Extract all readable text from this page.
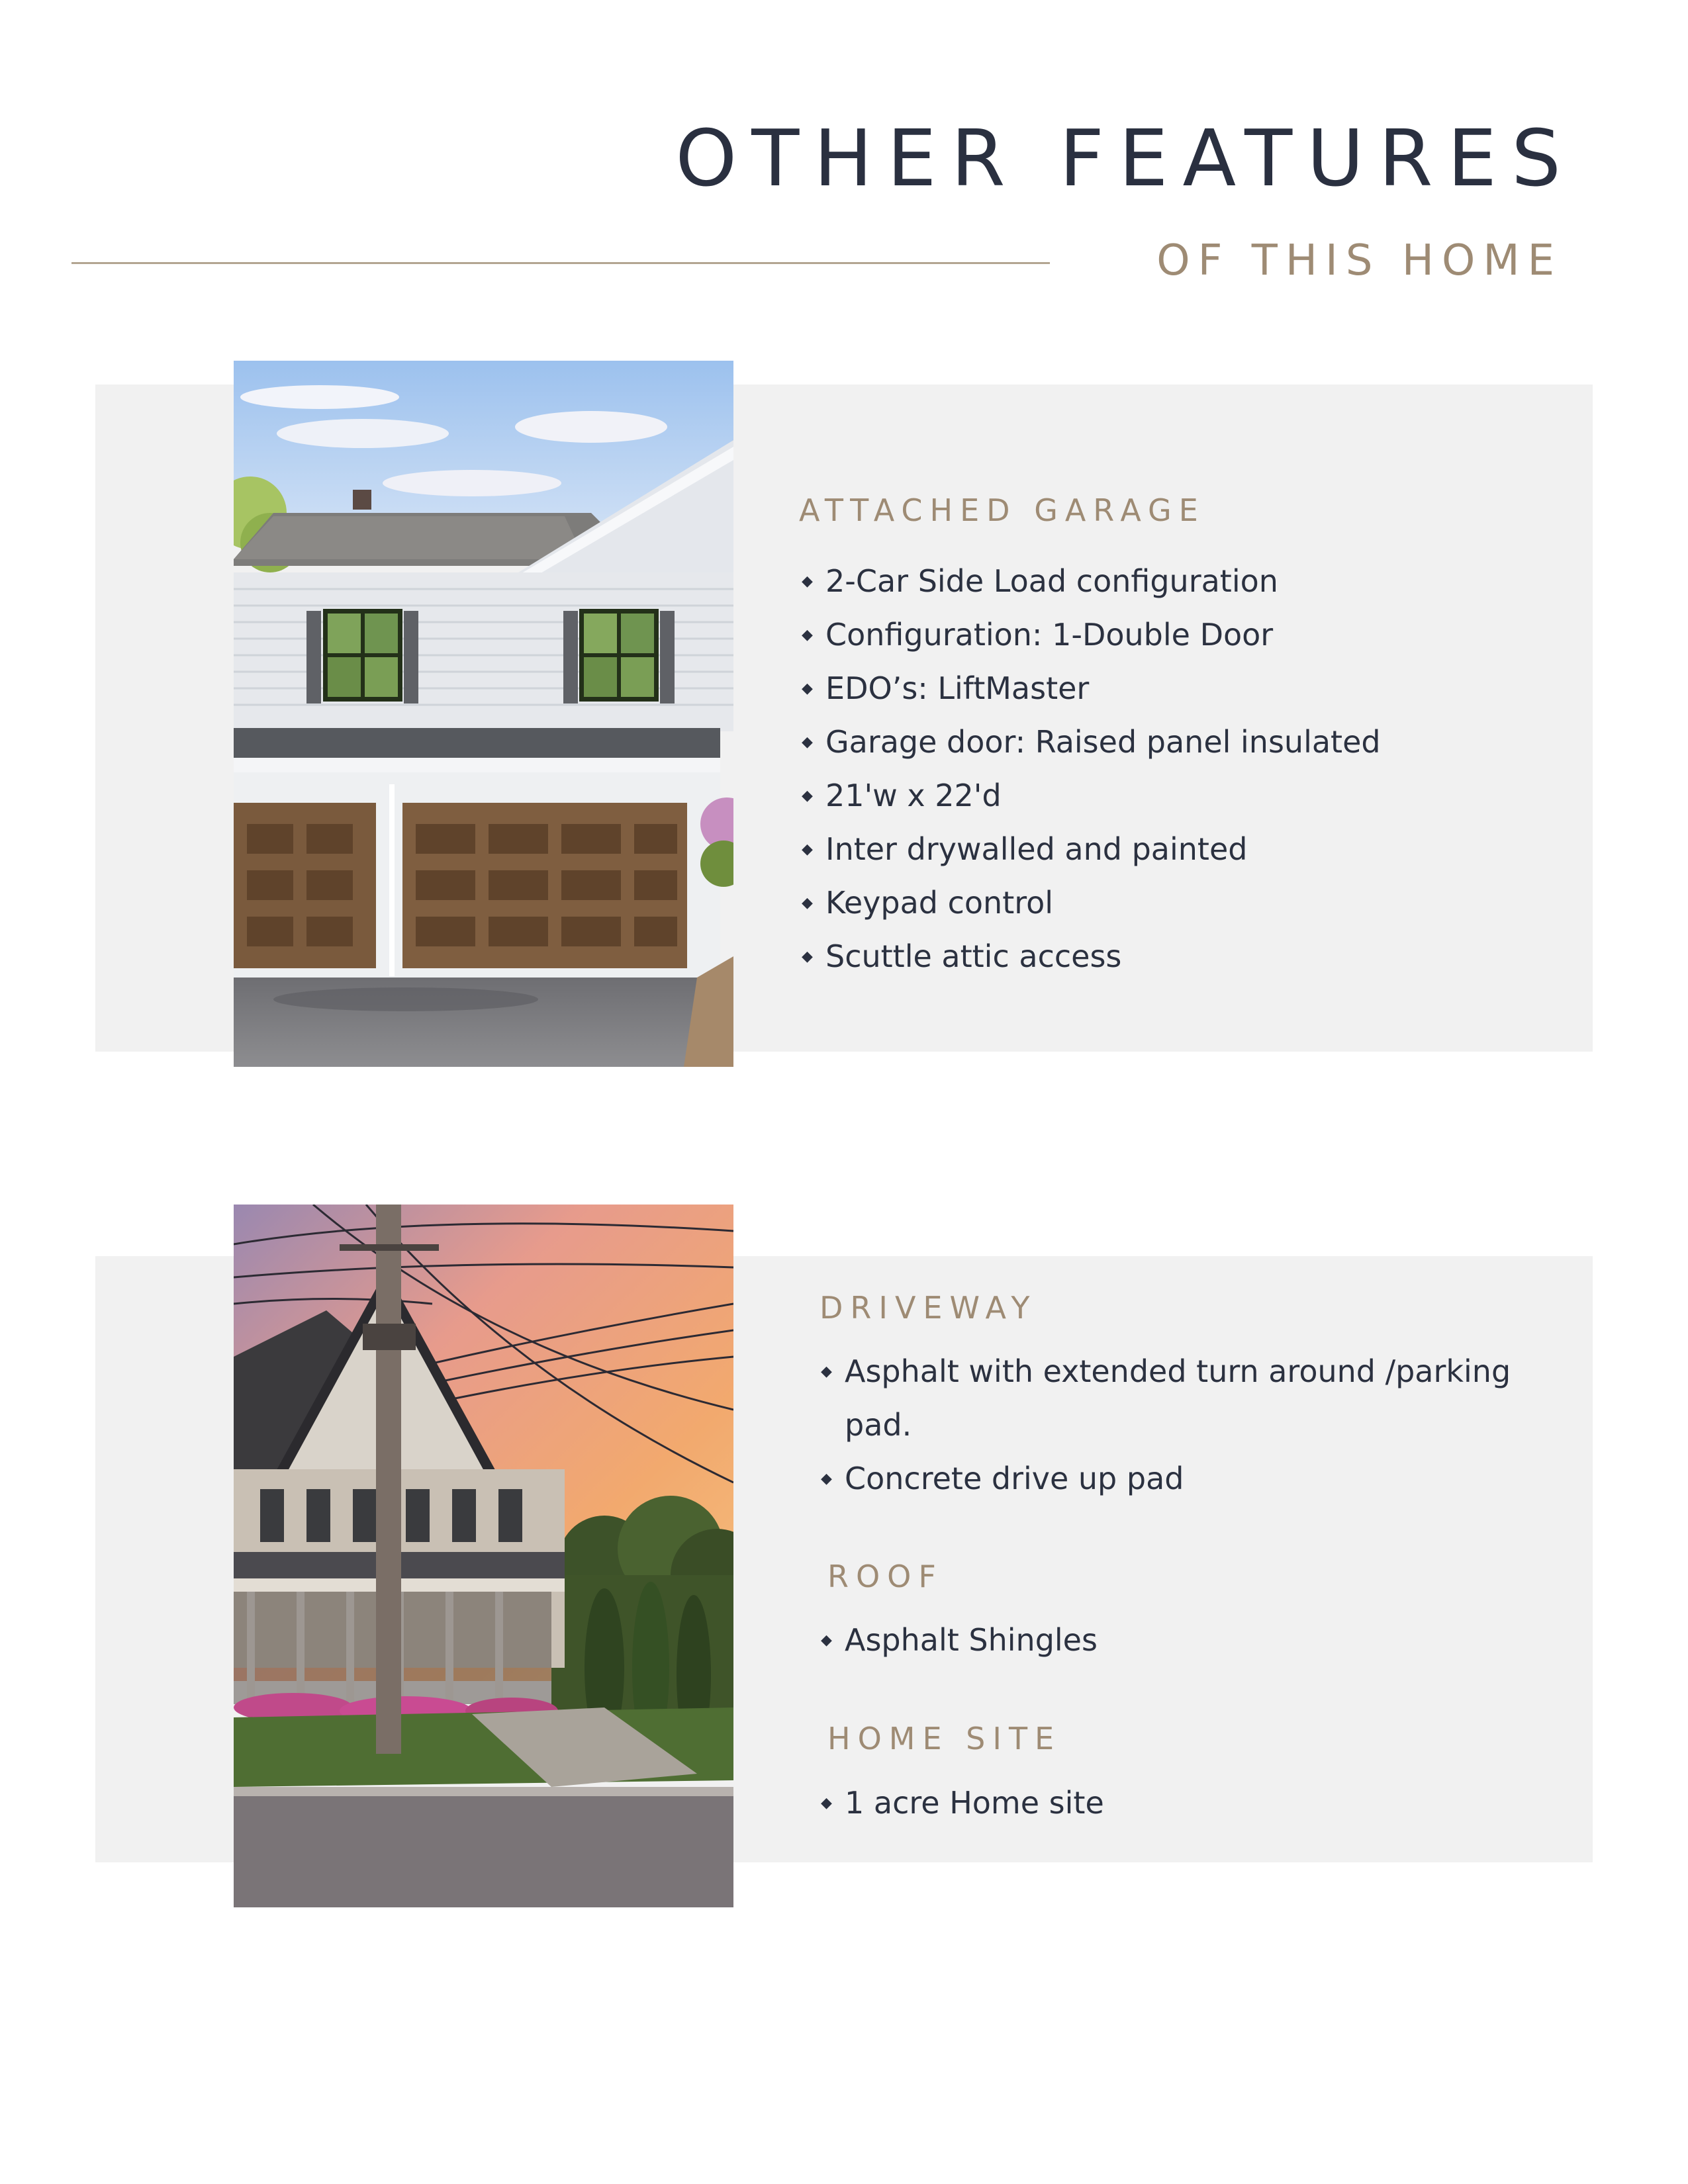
OTHER FEATURES
OF THIS HOME
ATTACHED GARAGE
◆ 2-Car Side Load configuration
◆ Configuration: 1-Double Door
◆ EDO’s: LiftMaster
◆ Garage door: Raised panel insulated
◆ 21'w x 22'd
◆ Inter drywalled and painted
◆ Keypad control
◆ Scuttle attic access
DRIVEWAY
◆ Asphalt with extended turn around /parking pad.
◆ Concrete drive up pad
ROOF
◆ Asphalt Shingles
HOME SITE
◆ 1 acre Home site
